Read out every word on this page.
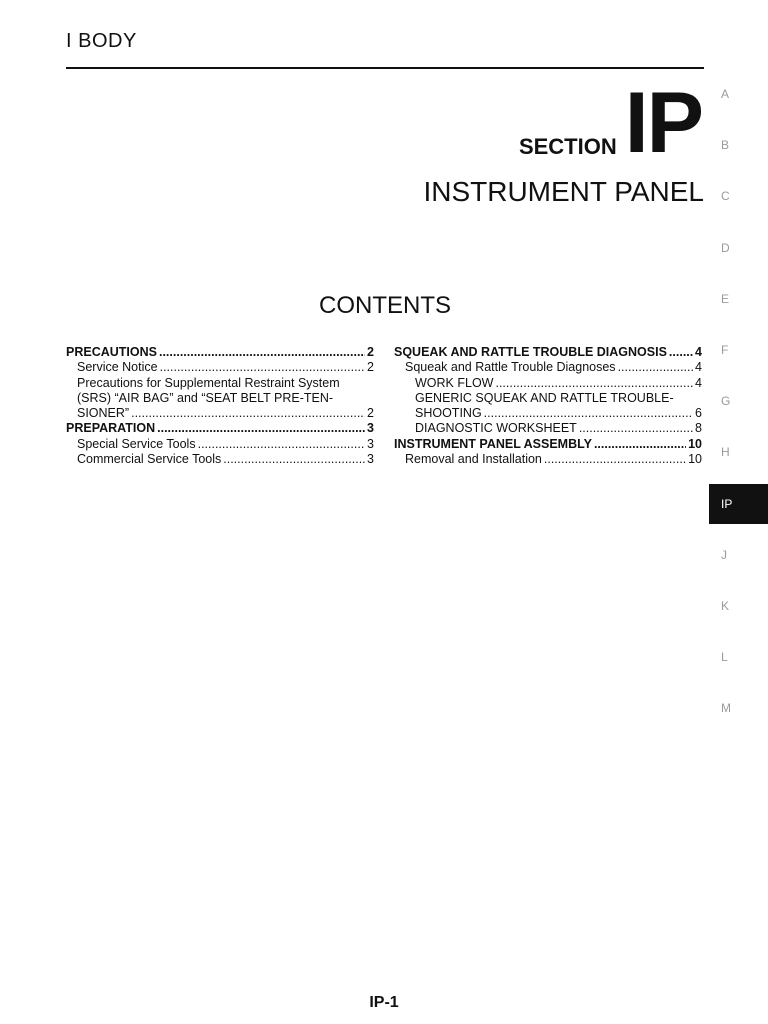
I BODY
SECTION IP
INSTRUMENT PANEL
CONTENTS
PRECAUTIONS .....	2
Service Notice .....	2
Precautions for Supplemental Restraint System
(SRS) “AIR BAG” and “SEAT BELT PRE-TEN-
SIONER” .....	2
PREPARATION .....	3
Special Service Tools .....	3
Commercial Service Tools .....	3
SQUEAK AND RATTLE TROUBLE DIAGNOSIS ..... 4
Squeak and Rattle Trouble Diagnoses .....	4
WORK FLOW .....	4
GENERIC SQUEAK AND RATTLE TROUBLE-
SHOOTING .....	6
DIAGNOSTIC WORKSHEET .....	8
INSTRUMENT PANEL ASSEMBLY .....	10
Removal and Installation .....	10
A
B
C
D
E
F
G
H
IP
J
K
L
M
IP-1
